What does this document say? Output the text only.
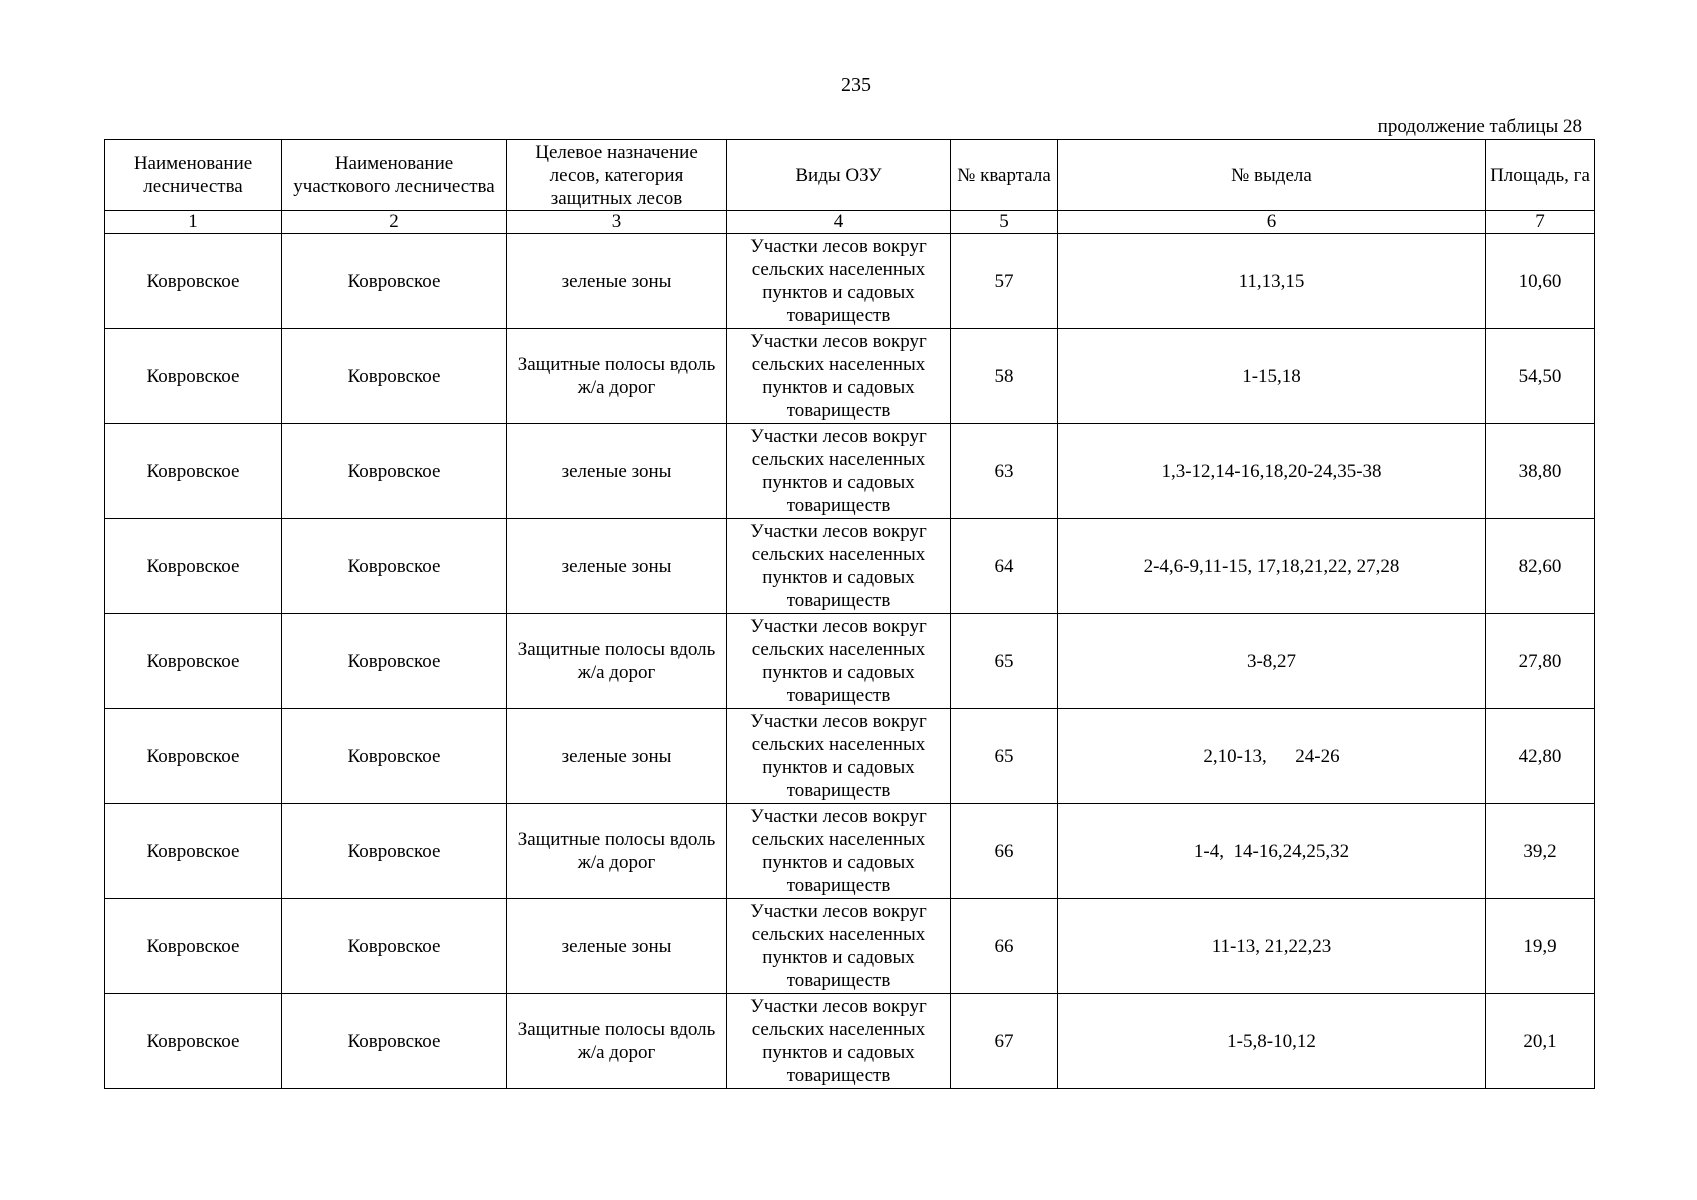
235
продолжение таблицы 28
Наименование лесничества	Наименование участкового лесничества	Целевое назначение лесов, категория защитных лесов	Виды ОЗУ	№ квартала	№ выдела	Площадь, га
1	2	3	4	5	6	7
Ковровское	Ковровское	зеленые зоны	Участки лесов вокруг сельских населенных пунктов и садовых товариществ	57	11,13,15	10,60
Ковровское	Ковровское	Защитные полосы вдоль ж/а дорог	Участки лесов вокруг сельских населенных пунктов и садовых товариществ	58	1-15,18	54,50
Ковровское	Ковровское	зеленые зоны	Участки лесов вокруг сельских населенных пунктов и садовых товариществ	63	1,3-12,14-16,18,20-24,35-38	38,80
Ковровское	Ковровское	зеленые зоны	Участки лесов вокруг сельских населенных пунктов и садовых товариществ	64	2-4,6-9,11-15, 17,18,21,22, 27,28	82,60
Ковровское	Ковровское	Защитные полосы вдоль ж/а дорог	Участки лесов вокруг сельских населенных пунктов и садовых товариществ	65	3-8,27	27,80
Ковровское	Ковровское	зеленые зоны	Участки лесов вокруг сельских населенных пунктов и садовых товариществ	65	2,10-13,      24-26	42,80
Ковровское	Ковровское	Защитные полосы вдоль ж/а дорог	Участки лесов вокруг сельских населенных пунктов и садовых товариществ	66	1-4,  14-16,24,25,32	39,2
Ковровское	Ковровское	зеленые зоны	Участки лесов вокруг сельских населенных пунктов и садовых товариществ	66	11-13, 21,22,23	19,9
Ковровское	Ковровское	Защитные полосы вдоль ж/а дорог	Участки лесов вокруг сельских населенных пунктов и садовых товариществ	67	1-5,8-10,12	20,1
